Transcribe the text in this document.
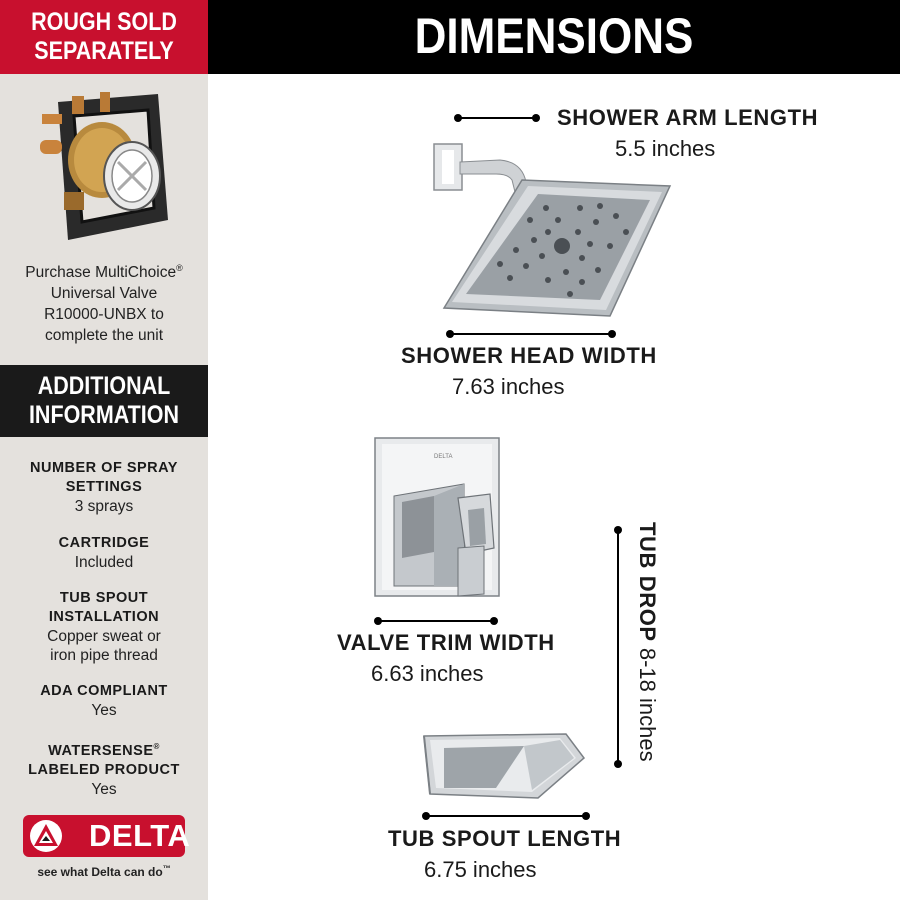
ROUGH SOLD
SEPARATELY
Purchase MultiChoice®
Universal Valve
R10000-UNBX to
complete the unit
ADDITIONAL
INFORMATION
NUMBER OF SPRAY
SETTINGS
3 sprays
CARTRIDGE
Included
TUB SPOUT
INSTALLATION
Copper sweat or
iron pipe thread
ADA COMPLIANT
Yes
WATERSENSE®
LABELED PRODUCT
Yes
DELTA
see what Delta can do™
DIMENSIONS
SHOWER ARM LENGTH
5.5 inches
SHOWER HEAD WIDTH
7.63 inches
DELTA
VALVE TRIM WIDTH
6.63 inches
TUB DROP 8-18 inches
TUB SPOUT LENGTH
6.75 inches
